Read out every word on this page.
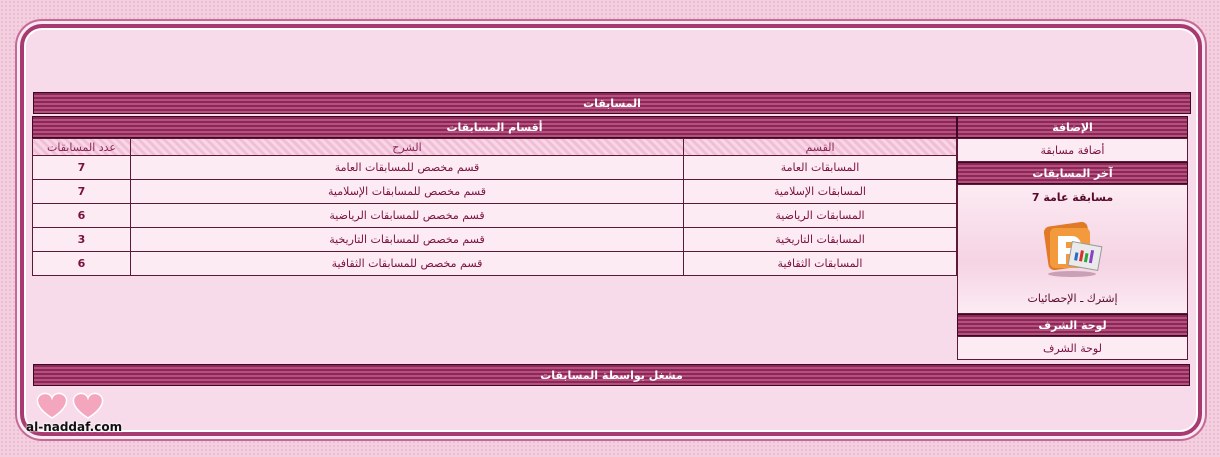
المسابقات
أقسام المسابقات
عدد المسابقات	الشرح	القسم
7	قسم مخصص للمسابقات العامة	المسابقات العامة
7	قسم مخصص للمسابقات الإسلامية	المسابقات الإسلامية
6	قسم مخصص للمسابقات الرياضية	المسابقات الرياضية
3	قسم مخصص للمسابقات التاريخية	المسابقات التاريخية
6	قسم مخصص للمسابقات الثقافية	المسابقات الثقافية
الإضافة
أضافة مسابقة
آخر المسابقات
مسابقة عامة 7
إشترك ـ الإحصائيات
لوحة الشرف
لوحة الشرف
مشغل بواسطة المسابقات
al-naddaf.com
